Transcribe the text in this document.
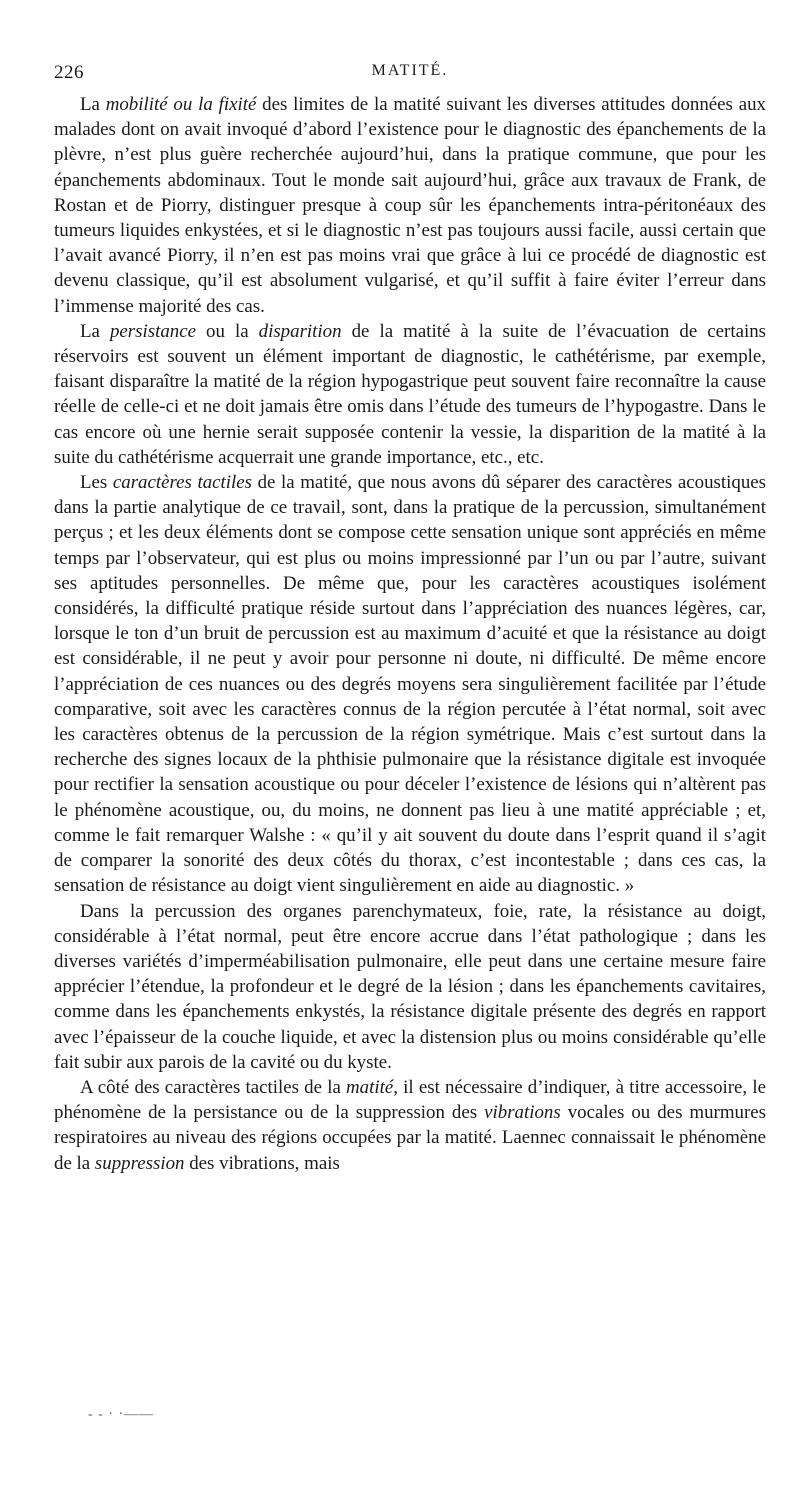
226	MATITÉ.

La mobilité ou la fixité des limites de la matité suivant les diverses attitudes données aux malades dont on avait invoqué d’abord l’existence pour le diagnostic des épanchements de la plèvre, n’est plus guère recherchée aujourd’hui, dans la pratique commune, que pour les épanchements abdominaux. Tout le monde sait aujourd’hui, grâce aux travaux de Frank, de Rostan et de Piorry, distinguer presque à coup sûr les épanchements intra-péritonéaux des tumeurs liquides enkystées, et si le diagnostic n’est pas toujours aussi facile, aussi certain que l’avait avancé Piorry, il n’en est pas moins vrai que grâce à lui ce procédé de diagnostic est devenu classique, qu’il est absolument vulgarisé, et qu’il suffit à faire éviter l’erreur dans l’immense majorité des cas.

La persistance ou la disparition de la matité à la suite de l’évacuation de certains réservoirs est souvent un élément important de diagnostic, le cathétérisme, par exemple, faisant disparaître la matité de la région hypogastrique peut souvent faire reconnaître la cause réelle de celle-ci et ne doit jamais être omis dans l’étude des tumeurs de l’hypogastre. Dans le cas encore où une hernie serait supposée contenir la vessie, la disparition de la matité à la suite du cathétérisme acquerrait une grande importance, etc., etc.

Les caractères tactiles de la matité, que nous avons dû séparer des caractères acoustiques dans la partie analytique de ce travail, sont, dans la pratique de la percussion, simultanément perçus ; et les deux éléments dont se compose cette sensation unique sont appréciés en même temps par l’observateur, qui est plus ou moins impressionné par l’un ou par l’autre, suivant ses aptitudes personnelles. De même que, pour les caractères acoustiques isolément considérés, la difficulté pratique réside surtout dans l’appréciation des nuances légères, car, lorsque le ton d’un bruit de percussion est au maximum d’acuité et que la résistance au doigt est considérable, il ne peut y avoir pour personne ni doute, ni difficulté. De même encore l’appréciation de ces nuances ou des degrés moyens sera singulièrement facilitée par l’étude comparative, soit avec les caractères connus de la région percutée à l’état normal, soit avec les caractères obtenus de la percussion de la région symétrique. Mais c’est surtout dans la recherche des signes locaux de la phthisie pulmonaire que la résistance digitale est invoquée pour rectifier la sensation acoustique ou pour déceler l’existence de lésions qui n’altèrent pas le phénomène acoustique, ou, du moins, ne donnent pas lieu à une matité appréciable ; et, comme le fait remarquer Walshe : « qu’il y ait souvent du doute dans l’esprit quand il s’agit de comparer la sonorité des deux côtés du thorax, c’est incontestable ; dans ces cas, la sensation de résistance au doigt vient singulièrement en aide au diagnostic. »

Dans la percussion des organes parenchymateux, foie, rate, la résistance au doigt, considérable à l’état normal, peut être encore accrue dans l’état pathologique ; dans les diverses variétés d’imperméabilisation pulmonaire, elle peut dans une certaine mesure faire apprécier l’étendue, la profondeur et le degré de la lésion ; dans les épanchements cavitaires, comme dans les épanchements enkystés, la résistance digitale présente des degrés en rapport avec l’épaisseur de la couche liquide, et avec la distension plus ou moins considérable qu’elle fait subir aux parois de la cavité ou du kyste.

A côté des caractères tactiles de la matité, il est nécessaire d’indiquer, à titre accessoire, le phénomène de la persistance ou de la suppression des vibrations vocales ou des murmures respiratoires au niveau des régions occupées par la matité. Laennec connaissait le phénomène de la suppression des vibrations, mais

- - · ·——
